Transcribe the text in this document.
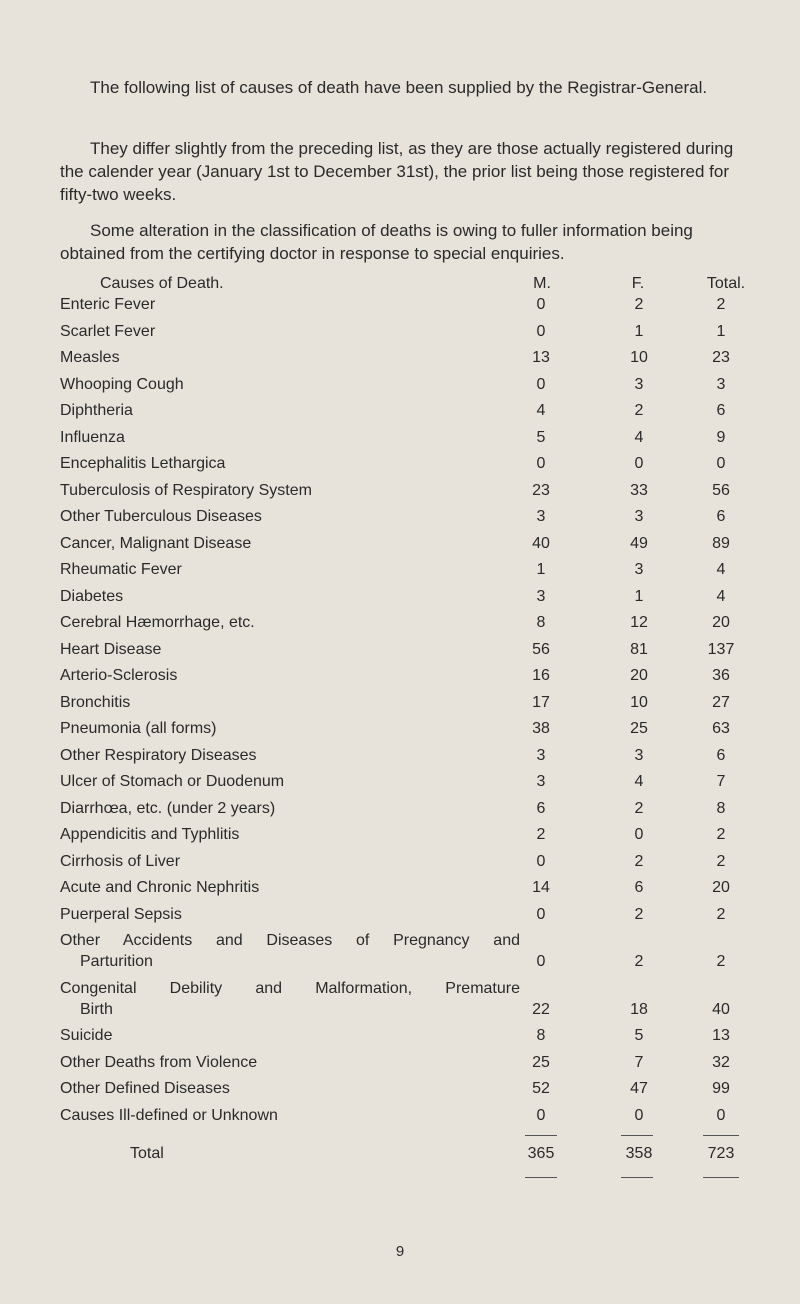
The following list of causes of death have been supplied by the Registrar-General.

They differ slightly from the preceding list, as they are those actually registered during the calender year (January 1st to December 31st), the prior list being those registered for fifty-two weeks.

Some alteration in the classification of deaths is owing to fuller information being obtained from the certifying doctor in response to special enquiries.

Causes of Death.	M.	F.	Total.
Enteric Fever	0	2	2
Scarlet Fever	0	1	1
Measles	13	10	23
Whooping Cough	0	3	3
Diphtheria	4	2	6
Influenza	5	4	9
Encephalitis Lethargica	0	0	0
Tuberculosis of Respiratory System	23	33	56
Other Tuberculous Diseases	3	3	6
Cancer, Malignant Disease	40	49	89
Rheumatic Fever	1	3	4
Diabetes	3	1	4
Cerebral Hæmorrhage, etc.	8	12	20
Heart Disease	56	81	137
Arterio-Sclerosis	16	20	36
Bronchitis	17	10	27
Pneumonia (all forms)	38	25	63
Other Respiratory Diseases	3	3	6
Ulcer of Stomach or Duodenum	3	4	7
Diarrhœa, etc. (under 2 years)	6	2	8
Appendicitis and Typhlitis	2	0	2
Cirrhosis of Liver	0	2	2
Acute and Chronic Nephritis	14	6	20
Puerperal Sepsis	0	2	2
Other Accidents and Diseases of Pregnancy and
Parturition	0	2	2
Congenital Debility and Malformation, Premature
Birth	22	18	40
Suicide	8	5	13
Other Deaths from Violence	25	7	32
Other Defined Diseases	52	47	99
Causes Ill-defined or Unknown	0	0	0
Total	365	358	723
9
